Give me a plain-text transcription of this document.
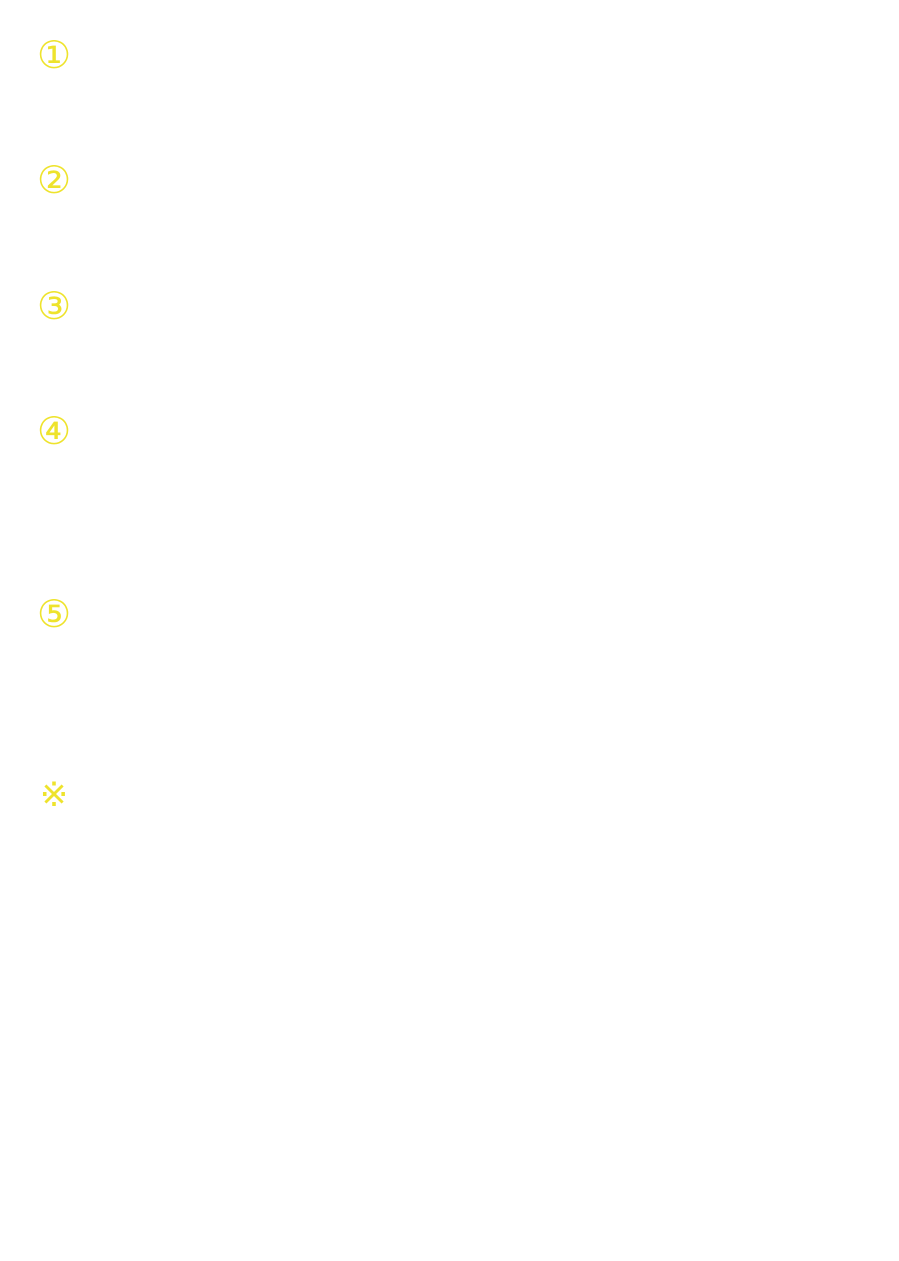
①
②
③
④
⑤
※
